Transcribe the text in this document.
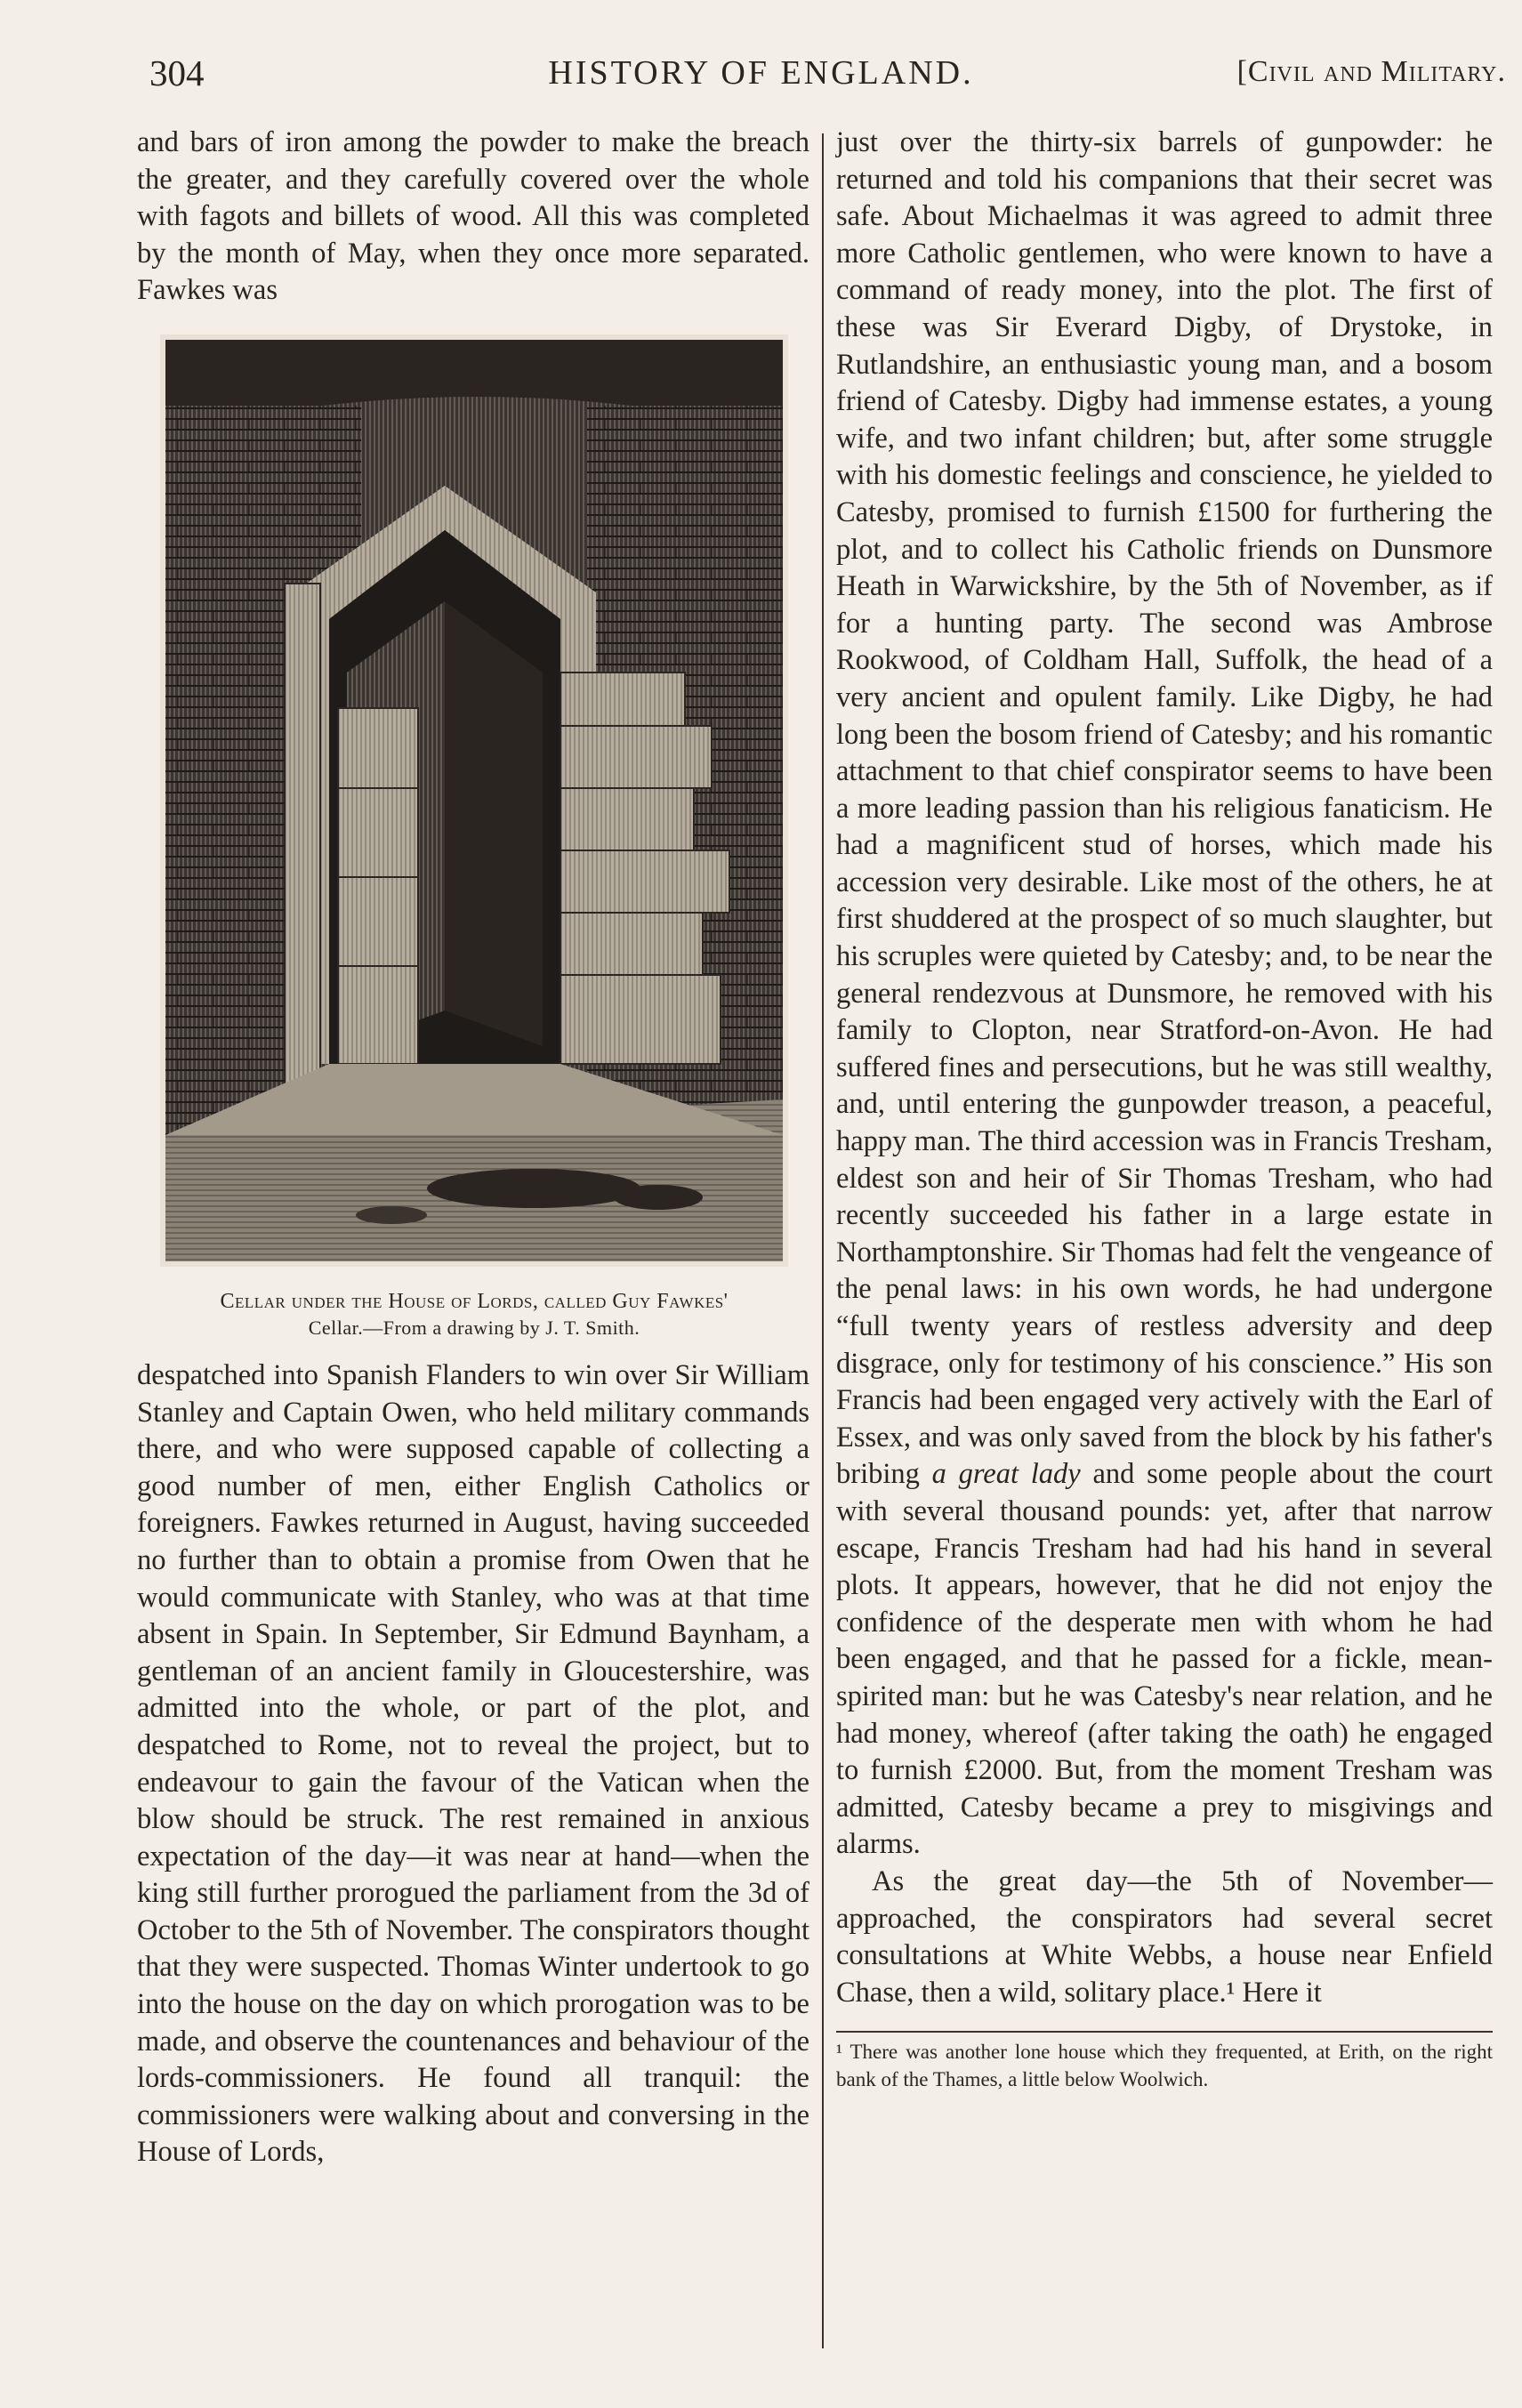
304	HISTORY OF ENGLAND.	[Civil and Military.

and bars of iron among the powder to make the breach the greater, and they carefully covered over the whole with fagots and billets of wood. All this was completed by the month of May, when they once more separated. Fawkes was

Cellar under the House of Lords, called Guy Fawkes'
Cellar.—From a drawing by J. T. Smith.

despatched into Spanish Flanders to win over Sir William Stanley and Captain Owen, who held military commands there, and who were supposed capable of collecting a good number of men, either English Catholics or foreigners. Fawkes returned in August, having succeeded no further than to obtain a promise from Owen that he would communicate with Stanley, who was at that time absent in Spain. In September, Sir Edmund Baynham, a gentleman of an ancient family in Gloucestershire, was admitted into the whole, or part of the plot, and despatched to Rome, not to reveal the project, but to endeavour to gain the favour of the Vatican when the blow should be struck. The rest remained in anxious expectation of the day—it was near at hand—when the king still further prorogued the parliament from the 3d of October to the 5th of November. The conspirators thought that they were suspected. Thomas Winter undertook to go into the house on the day on which prorogation was to be made, and observe the countenances and behaviour of the lords-commissioners. He found all tranquil: the commissioners were walking about and conversing in the House of Lords,

just over the thirty-six barrels of gunpowder: he returned and told his companions that their secret was safe. About Michaelmas it was agreed to admit three more Catholic gentlemen, who were known to have a command of ready money, into the plot. The first of these was Sir Everard Digby, of Drystoke, in Rutlandshire, an enthusiastic young man, and a bosom friend of Catesby. Digby had immense estates, a young wife, and two infant children; but, after some struggle with his domestic feelings and conscience, he yielded to Catesby, promised to furnish £1500 for furthering the plot, and to collect his Catholic friends on Dunsmore Heath in Warwickshire, by the 5th of November, as if for a hunting party. The second was Ambrose Rookwood, of Coldham Hall, Suffolk, the head of a very ancient and opulent family. Like Digby, he had long been the bosom friend of Catesby; and his romantic attachment to that chief conspirator seems to have been a more leading passion than his religious fanaticism. He had a magnificent stud of horses, which made his accession very desirable. Like most of the others, he at first shuddered at the prospect of so much slaughter, but his scruples were quieted by Catesby; and, to be near the general rendezvous at Dunsmore, he removed with his family to Clopton, near Stratford-on-Avon. He had suffered fines and persecutions, but he was still wealthy, and, until entering the gunpowder treason, a peaceful, happy man. The third accession was in Francis Tresham, eldest son and heir of Sir Thomas Tresham, who had recently succeeded his father in a large estate in Northamptonshire. Sir Thomas had felt the vengeance of the penal laws: in his own words, he had undergone “full twenty years of restless adversity and deep disgrace, only for testimony of his conscience.” His son Francis had been engaged very actively with the Earl of Essex, and was only saved from the block by his father's bribing a great lady and some people about the court with several thousand pounds: yet, after that narrow escape, Francis Tresham had had his hand in several plots. It appears, however, that he did not enjoy the confidence of the desperate men with whom he had been engaged, and that he passed for a fickle, mean-spirited man: but he was Catesby's near relation, and he had money, whereof (after taking the oath) he engaged to furnish £2000. But, from the moment Tresham was admitted, Catesby became a prey to misgivings and alarms.

As the great day—the 5th of November—approached, the conspirators had several secret consultations at White Webbs, a house near Enfield Chase, then a wild, solitary place.¹ Here it

¹ There was another lone house which they frequented, at Erith, on the right bank of the Thames, a little below Woolwich.
